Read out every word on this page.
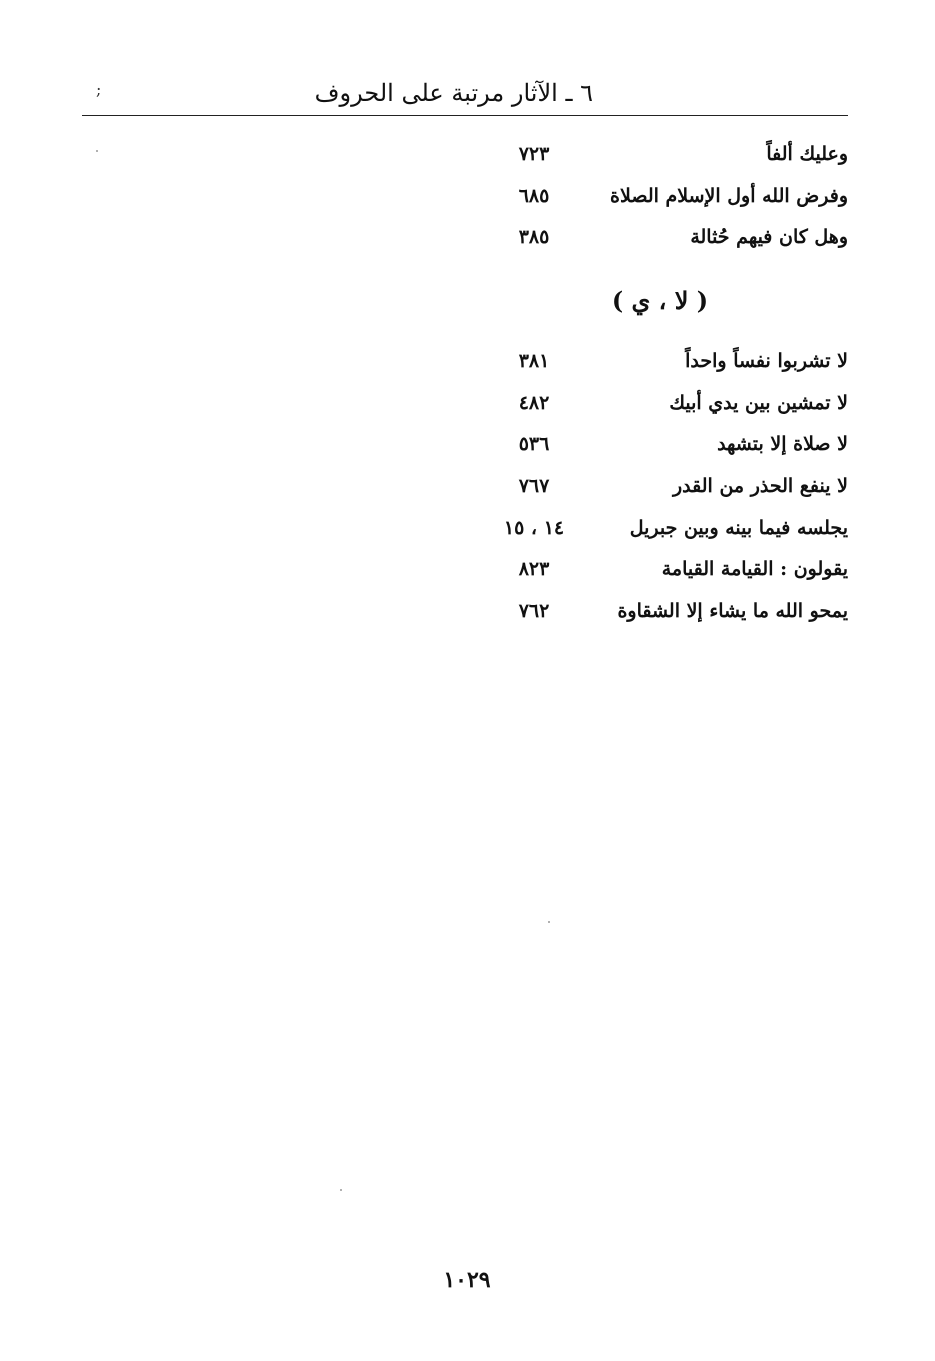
٦ ـ الآثار مرتبة على الحروف
;
وعليك ألفاً
٧٢٣
وفرض الله أول الإسلام الصلاة
٦٨٥
وهل كان فيهم حُثالة
٣٨٥
( لا ، ي )
لا تشربوا نفساً واحداً
٣٨١
لا تمشين بين يدي أبيك
٤٨٢
لا صلاة إلا بتشهد
٥٣٦
لا ينفع الحذر من القدر
٧٦٧
يجلسه فيما بينه وبين جبريل
١٤ ، ١٥
يقولون : القيامة القيامة
٨٢٣
يمحو الله ما يشاء إلا الشقاوة
٧٦٢
١٠٢٩
